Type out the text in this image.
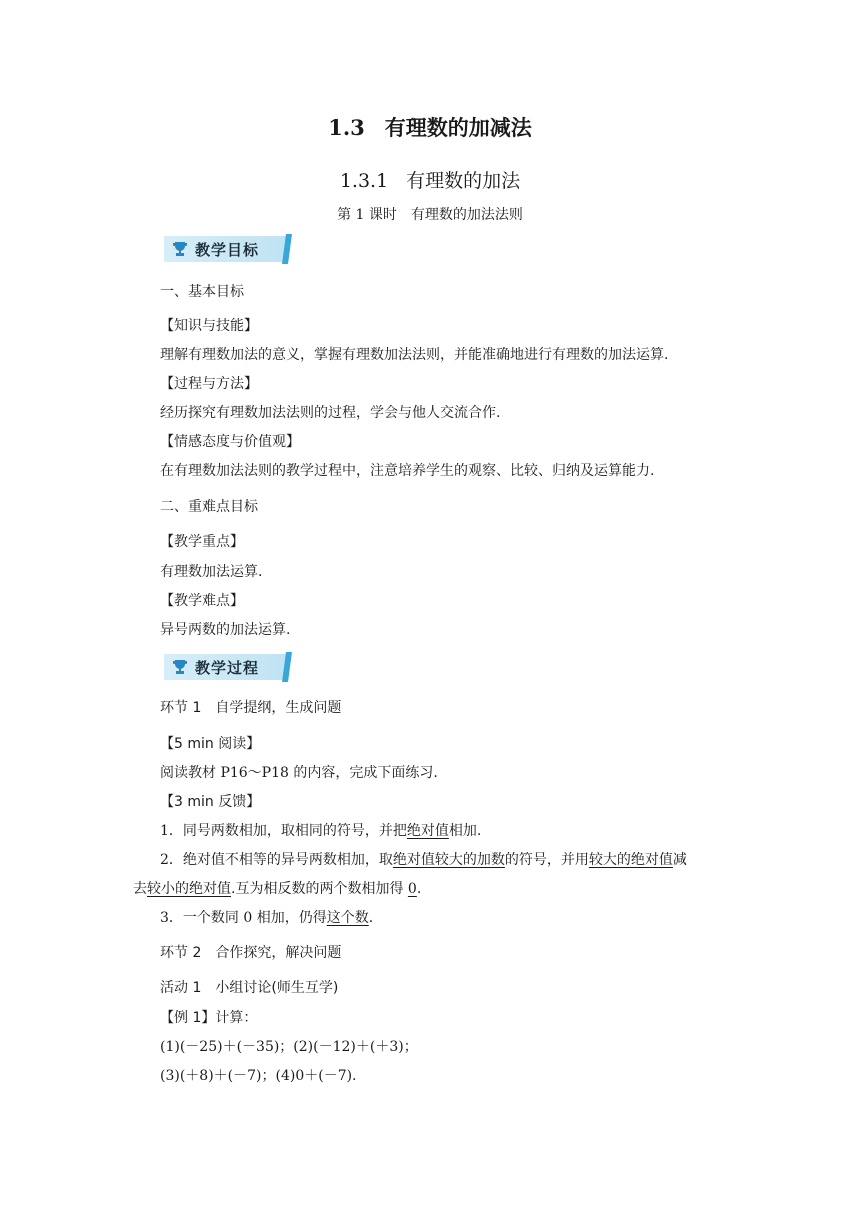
1.3 有理数的加减法
1.3.1 有理数的加法
第 1 课时 有理数的加法法则
教学目标
一、基本目标
【知识与技能】
理解有理数加法的意义，掌握有理数加法法则，并能准确地进行有理数的加法运算.
【过程与方法】
经历探究有理数加法法则的过程，学会与他人交流合作.
【情感态度与价值观】
在有理数加法法则的教学过程中，注意培养学生的观察、比较、归纳及运算能力.
二、重难点目标
【教学重点】
有理数加法运算.
【教学难点】
异号两数的加法运算.
教学过程
环节 1　自学提纲，生成问题
【5 min 阅读】
阅读教材 P16～P18 的内容，完成下面练习.
【3 min 反馈】
1．同号两数相加，取相同的符号，并把绝对值相加.
2．绝对值不相等的异号两数相加，取绝对值较大的加数的符号，并用较大的绝对值减
去较小的绝对值.互为相反数的两个数相加得 0.
3．一个数同 0 相加，仍得这个数.
环节 2　合作探究，解决问题
活动 1　小组讨论(师生互学)
【例 1】计算：
(1)(－25)＋(－35)；(2)(－12)＋(＋3)；
(3)(＋8)＋(－7)；(4)0＋(－7).
